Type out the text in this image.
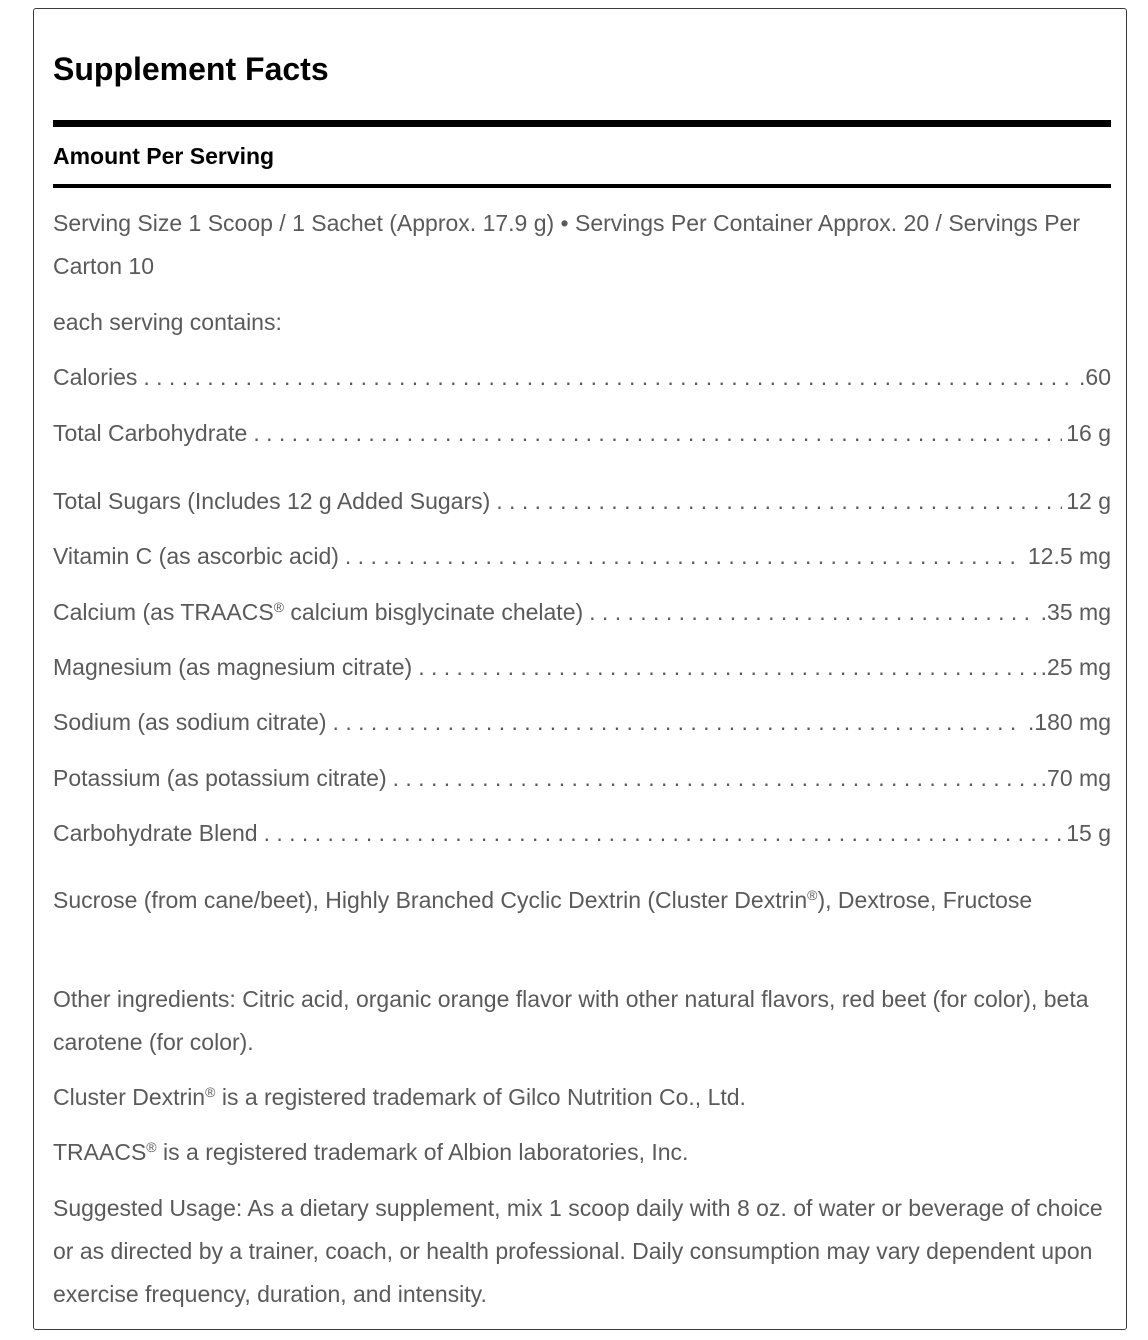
Supplement Facts
Amount Per Serving

Serving Size 1 Scoop / 1 Sachet (Approx. 17.9 g) • Servings Per Container Approx. 20 / Servings Per Carton 10

each serving contains:

Calories . . .	.60
Total Carbohydrate . . .	16 g
Total Sugars (Includes 12 g Added Sugars) . . .	12 g
Vitamin C (as ascorbic acid) . . .	12.5 mg
Calcium (as TRAACS® calcium bisglycinate chelate) . . .	.35 mg
Magnesium (as magnesium citrate) . . .	.25 mg
Sodium (as sodium citrate) . . .	.180 mg
Potassium (as potassium citrate) . . .	.70 mg
Carbohydrate Blend . . .	15 g

Sucrose (from cane/beet), Highly Branched Cyclic Dextrin (Cluster Dextrin®), Dextrose, Fructose

Other ingredients: Citric acid, organic orange flavor with other natural flavors, red beet (for color), beta carotene (for color).

Cluster Dextrin® is a registered trademark of Gilco Nutrition Co., Ltd.

TRAACS® is a registered trademark of Albion laboratories, Inc.

Suggested Usage: As a dietary supplement, mix 1 scoop daily with 8 oz. of water or beverage of choice or as directed by a trainer, coach, or health professional. Daily consumption may vary dependent upon exercise frequency, duration, and intensity.
